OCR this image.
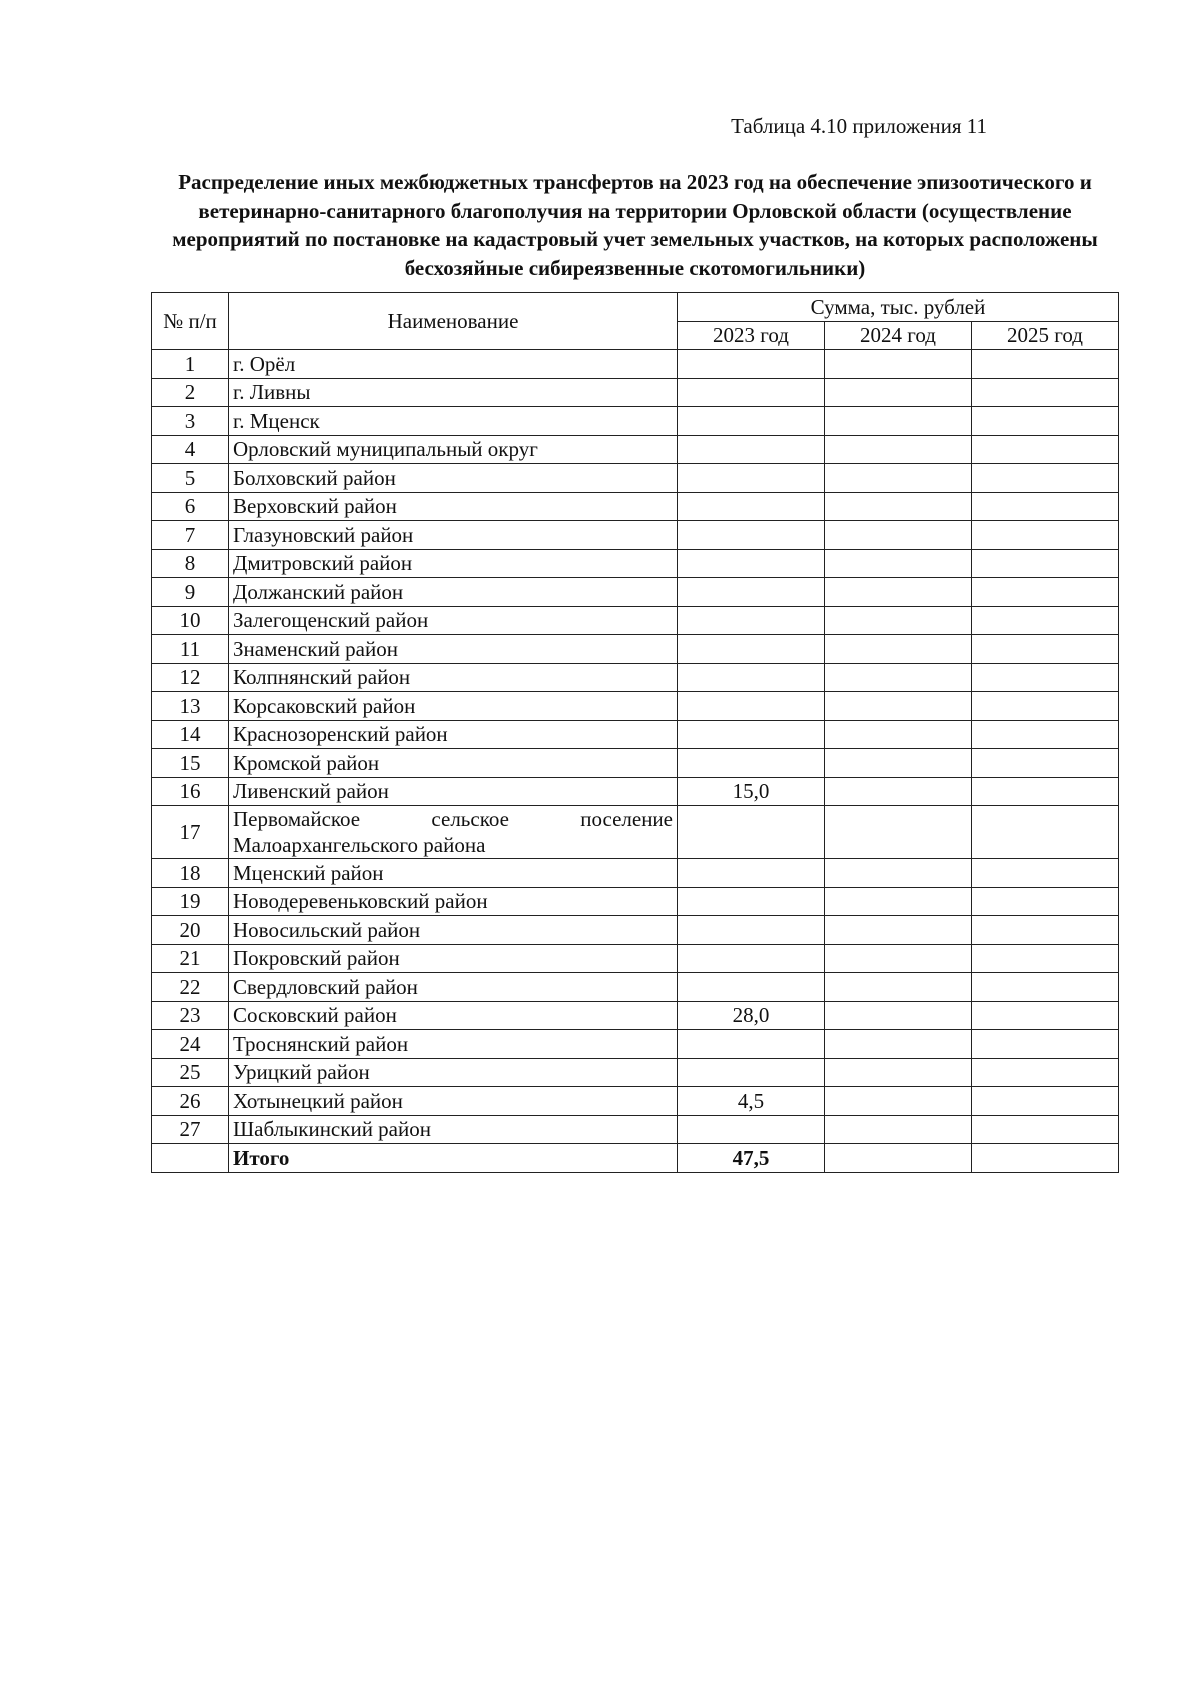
Таблица 4.10 приложения 11
Распределение иных межбюджетных трансфертов на 2023 год на обеспечение эпизоотического и ветеринарно-санитарного благополучия на территории Орловской области (осуществление мероприятий по постановке на кадастровый учет земельных участков, на которых расположены бесхозяйные сибиреязвенные скотомогильники)
№ п/п	Наименование	Сумма, тыс. рублей		
		2023 год	2024 год	2025 год
1	г. Орёл			
2	г. Ливны			
3	г. Мценск			
4	Орловский муниципальный округ			
5	Болховский район			
6	Верховский район			
7	Глазуновский район			
8	Дмитровский район			
9	Должанский район			
10	Залегощенский район			
11	Знаменский район			
12	Колпнянский район			
13	Корсаковский район			
14	Краснозоренский район			
15	Кромской район			
16	Ливенский район	15,0		
17	Первомайское сельское поселение
Малоархангельского района			

18	Мценский район			
19	Новодеревеньковский район			
20	Новосильский район			
21	Покровский район			
22	Свердловский район			
23	Сосковский район	28,0		
24	Троснянский район			
25	Урицкий район			
26	Хотынецкий район	4,5		
27	Шаблыкинский район			
	Итого	47,5		
